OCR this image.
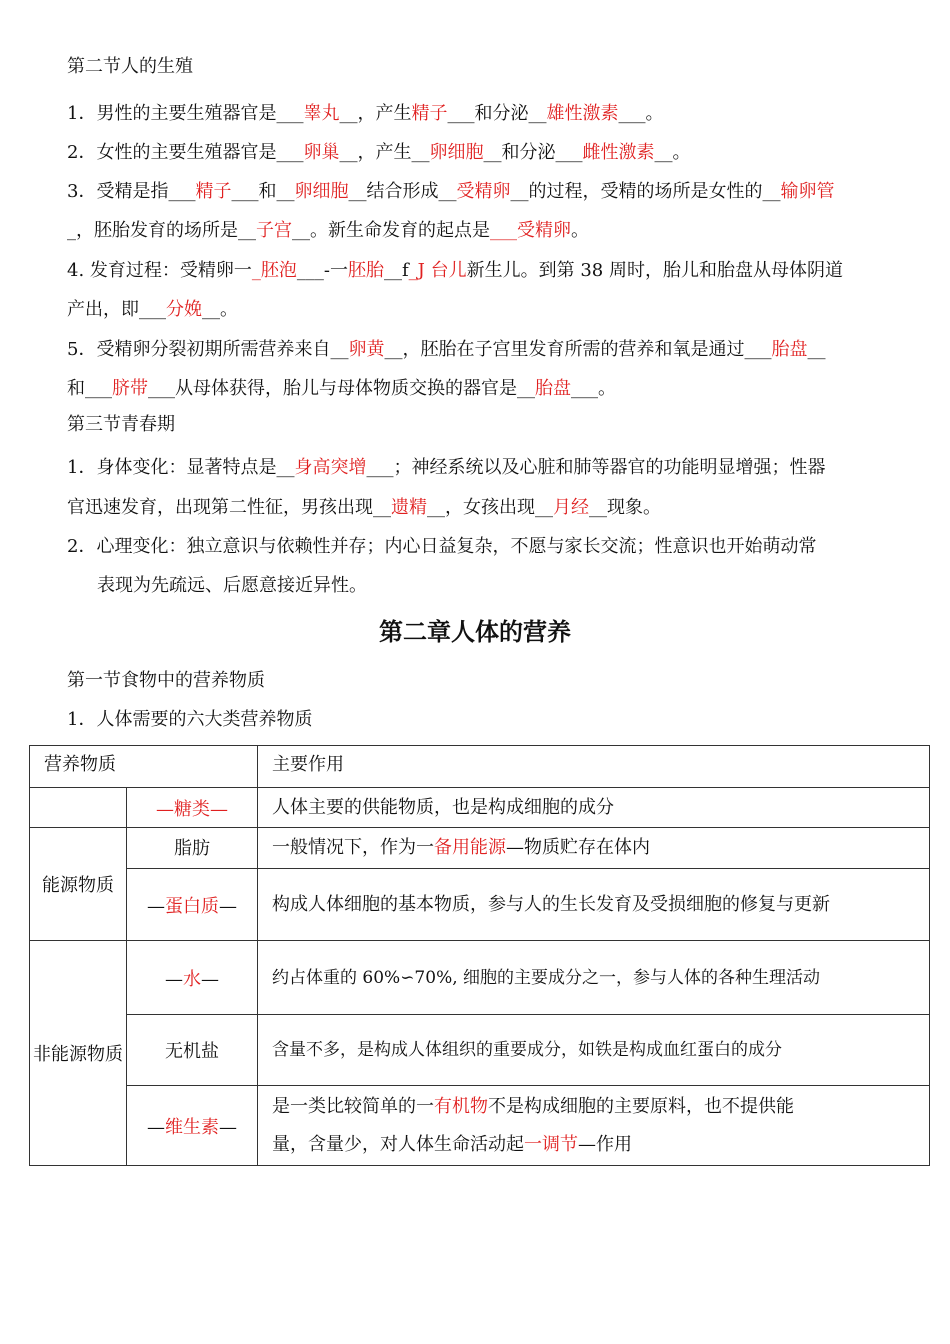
第二节人的生殖
1．男性的主要生殖器官是___睾丸__，产生精子___和分泌__雄性激素___。
2．女性的主要生殖器官是___卵巢__，产生__卵细胞__和分泌___雌性激素__。
3．受精是指___精子___和__卵细胞__结合形成__受精卵__的过程，受精的场所是女性的__输卵管
_，胚胎发育的场所是__子宫__。新生命发育的起点是___受精卵。
4. 发育过程：受精卵一_胚泡___-一胚胎__f_J 台儿新生儿。到第 38 周时，胎儿和胎盘从母体阴道
产出，即___分娩__。
5．受精卵分裂初期所需营养来自__卵黄__，胚胎在子宫里发育所需的营养和氧是通过___胎盘__
和___脐带___从母体获得，胎儿与母体物质交换的器官是__胎盘___。
第三节青春期
1．身体变化：显著特点是__身高突增___；神经系统以及心脏和肺等器官的功能明显增强；性器
官迅速发育，出现第二性征，男孩出现__遗精__，女孩出现__月经__现象。
2．心理变化：独立意识与依赖性并存；内心日益复杂，不愿与家长交流；性意识也开始萌动常
表现为先疏远、后愿意接近异性。
第二章人体的营养
第一节食物中的营养物质
1．人体需要的六大类营养物质
营养物质		主要作用
	—糖类—	人体主要的供能物质，也是构成细胞的成分
能源物质	脂肪	一般情况下，作为一备用能源—物质贮存在体内
	—蛋白质—	构成人体细胞的基本物质，参与人的生长发育及受损细胞的修复与更新
非能源物质	—水—	约占体重的 60%∽70%, 细胞的主要成分之一，参与人体的各种生理活动
	无机盐	含量不多，是构成人体组织的重要成分，如铁是构成血红蛋白的成分
	—维生素—	是一类比较简单的一有机物不是构成细胞的主要原料，也不提供能
量，含量少，对人体生命活动起一调节—作用
